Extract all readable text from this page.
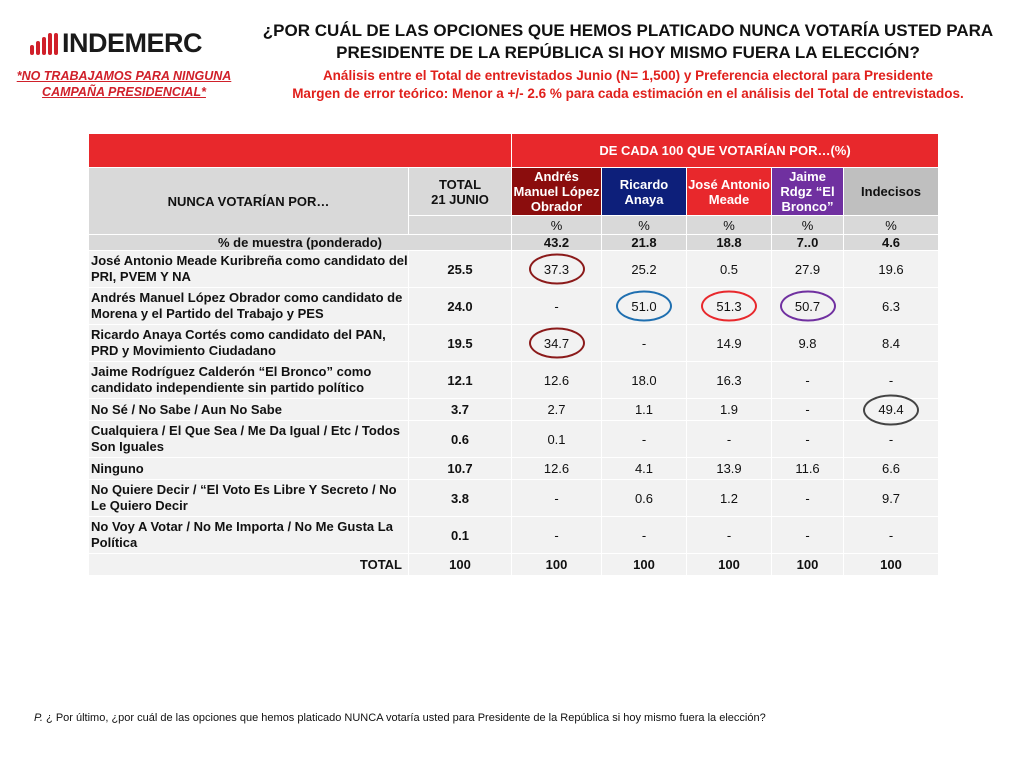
INDEMERC
*NO TRABAJAMOS PARA NINGUNA
CAMPAÑA PRESIDENCIAL*
¿POR CUÁL DE LAS OPCIONES QUE HEMOS PLATICADO NUNCA VOTARÍA USTED PARA
PRESIDENTE DE LA REPÚBLICA SI HOY MISMO FUERA LA ELECCIÓN?
Análisis entre el Total de entrevistados Junio (N= 1,500) y Preferencia electoral para Presidente
Margen de error teórico: Menor a +/- 2.6 % para cada estimación en el análisis del Total de entrevistados.
		DE CADA 100 QUE VOTARÍAN POR…(%)				
NUNCA VOTARÍAN POR…	TOTAL
21 JUNIO	Andrés Manuel López Obrador	Ricardo Anaya	José Antonio Meade	Jaime Rdgz “El Bronco”	Indecisos
		%	%	%	%	%
% de muestra (ponderado)		43.2	21.8	18.8	7..0	4.6
José Antonio Meade Kuribreña como candidato del PRI, PVEM Y NA	25.5	37.3	25.2	0.5	27.9	19.6
Andrés Manuel López Obrador como candidato de Morena y el Partido del Trabajo y PES	24.0	-	51.0	51.3	50.7	6.3
Ricardo Anaya Cortés como candidato del PAN, PRD y Movimiento Ciudadano	19.5	34.7	-	14.9	9.8	8.4
Jaime Rodríguez Calderón “El Bronco” como candidato independiente sin partido político	12.1	12.6	18.0	16.3	-	-
No Sé / No Sabe / Aun No Sabe	3.7	2.7	1.1	1.9	-	49.4

Cualquiera / El Que Sea / Me Da Igual / Etc / Todos Son Iguales	0.6	0.1	-	-	-	-
Ninguno	10.7	12.6	4.1	13.9	11.6	6.6
No Quiere Decir / “El Voto Es Libre Y Secreto / No Le Quiero Decir	3.8	-	0.6	1.2	-	9.7
No Voy A Votar / No Me Importa / No Me Gusta La Política	0.1	-	-	-	-	-
TOTAL	100	100	100	100	100	100
P. ¿ Por último, ¿por cuál de las opciones que hemos platicado NUNCA votaría usted para Presidente de la República si hoy mismo fuera la elección?
